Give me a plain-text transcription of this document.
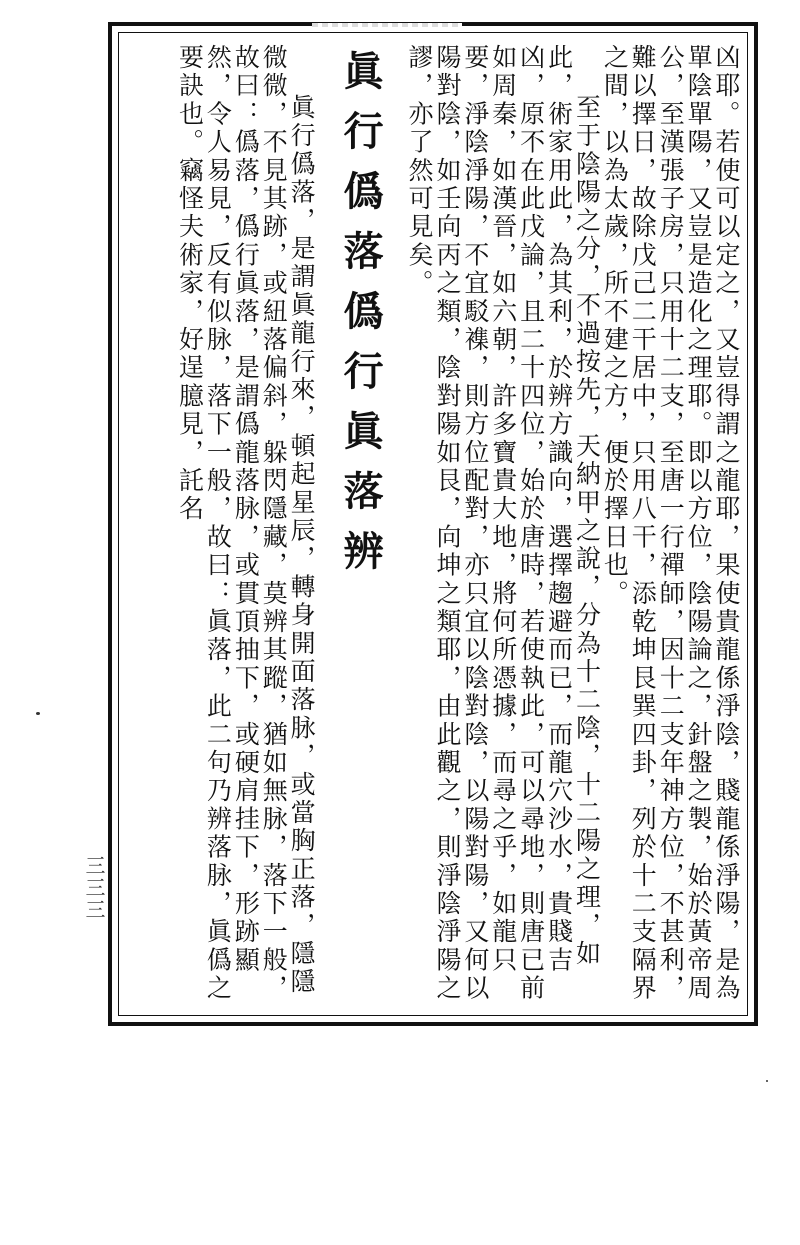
凶耶。若使可以定之，又豈得謂之龍耶，果使貴龍係淨陰，賤龍係淨陽，是為單陰單陽，又豈是造化之理耶。即以方位，陰陽論之，針盤之製，始於黃帝周公，至漢張子房，只用十二支，至唐一行禪師，因十二支年神方位，不甚利，難以擇日，故除戊己二干居中，只用八干，添乾坤艮巽四卦，列於十二支隔界之間，以為太歲，所不建之方，便於擇日也。

至于陰陽之分，不過按先，天納甲之說，分為十二陰，十二陽之理，如此，術家用此，為其利，於辨方識向，選擇趨避而已，而龍穴沙水，貴賤吉凶，原不在此戊論，且二十四位，始於唐時，若使執此，可以尋地，則唐已前如周秦，如漢晉，如六朝，許多寶貴大地，將何所憑據，而尋之乎，如龍只要，淨陰淨陽，不宜駁襍，則方位配對，亦只宜以陰對陰，以陽對陽，又何以陽對陰，如壬向丙之類，陰對陽如艮，向坤之類耶，由此觀之，則淨陰淨陽之謬，亦了然可見矣。

眞行僞落僞行眞落辨

眞行僞落，是謂眞龍行來，頓起星辰，轉身開面落脉，或當胸正落，隱隱微微，不見其跡，或紐落偏斜，躲閃隱藏，莫辨其蹤，猶如無脉，落下一般，故曰：僞落，僞行眞落，是謂僞龍落脉，或貫頂抽下，或硬肩挂下，形跡顯然，令人易見，反有似脉，落下一般，故曰：眞落，此二句乃辨落脉，眞僞之要訣也。竊怪夫術家，好逞臆見，託名

三三三
